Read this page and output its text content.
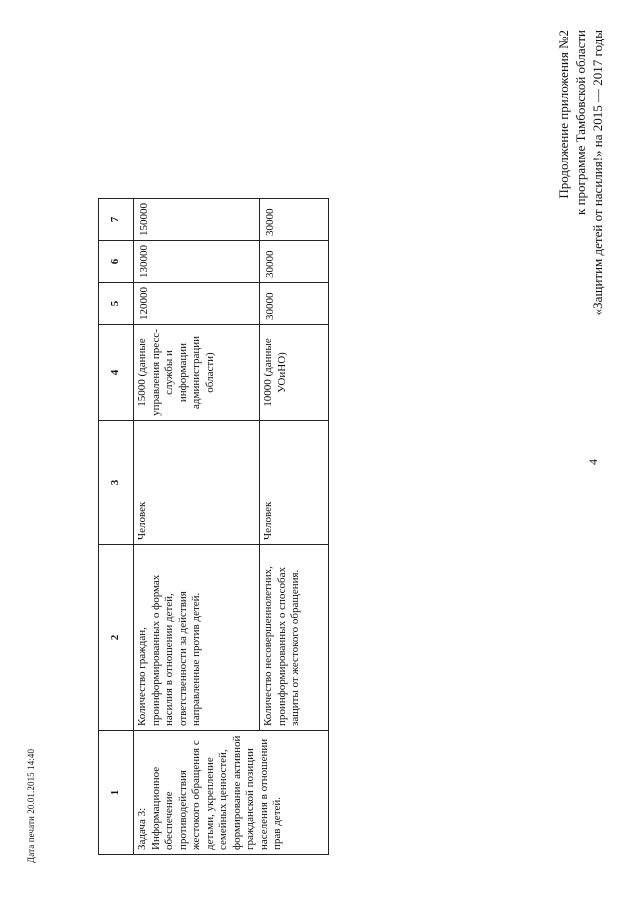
4
Продолжение приложения №2 к программе Тамбовской области «Защитим детей от насилия!» на 2015 — 2017 годы
1	2	3	4	5	6	7
Задача 3: Информационное обеспечение противодействия жестокого обращения с детьми, укрепление семейных ценностей, формирование активной гражданской позиции населения в отношении прав детей.	Количество граждан, проинформированных о формах насилия в отношении детей, ответственности за действия направленные против детей.	Человек	15000 (данные управления пресс-службы и информации администрации области)	120000	130000	150000
	Количество несовершеннолетних, проинформированных о способах защиты от жестокого обращения.	Человек	10000 (данные УОиНО)	30000	30000	30000
Дата печати 20.01.2015 14:40
